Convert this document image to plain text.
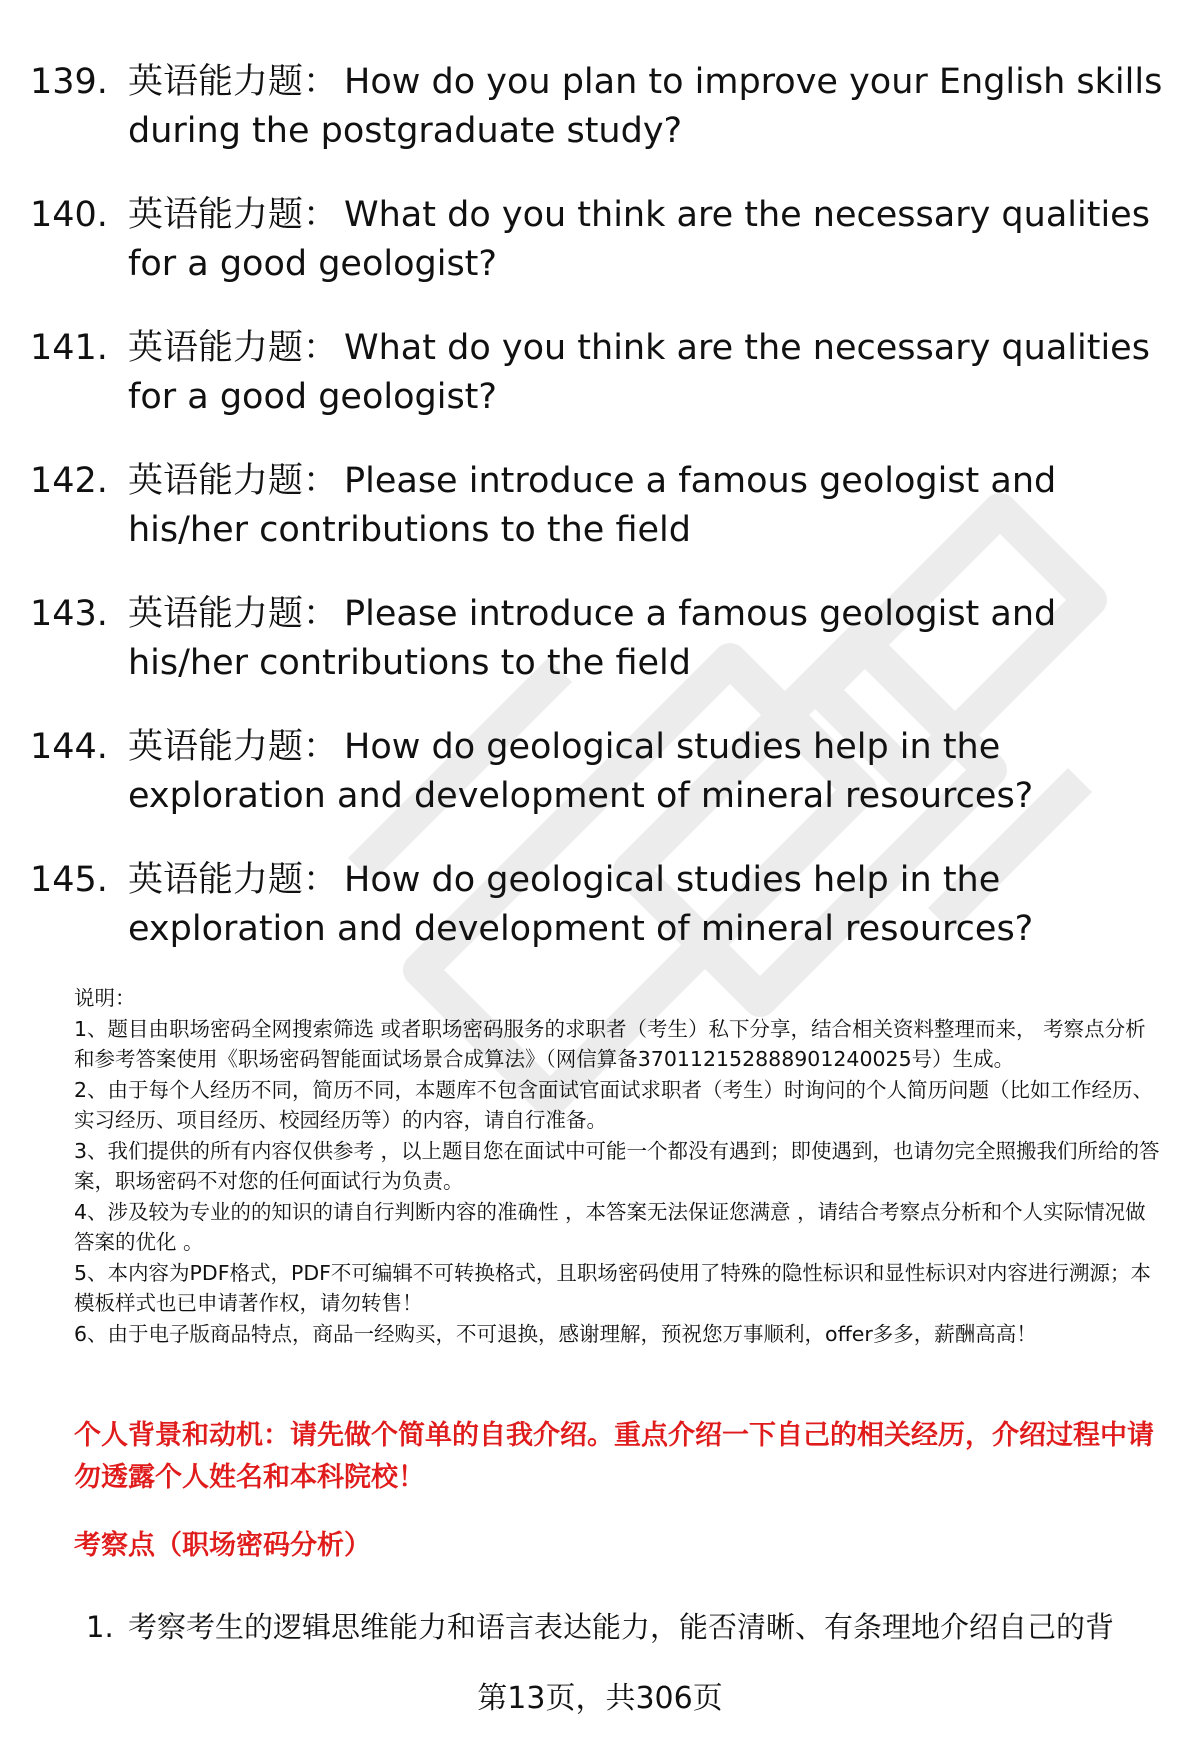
139. 英语能力题： How do you plan to improve your English skills during the postgraduate study?
140. 英语能力题： What do you think are the necessary qualities for a good geologist?
141. 英语能力题： What do you think are the necessary qualities for a good geologist?
142. 英语能力题： Please introduce a famous geologist and his/her contributions to the field
143. 英语能力题： Please introduce a famous geologist and his/her contributions to the field
144. 英语能力题： How do geological studies help in the exploration and development of mineral resources?
145. 英语能力题： How do geological studies help in the exploration and development of mineral resources?

说明：

1、题目由职场密码全网搜索筛选 或者职场密码服务的求职者（考生）私下分享，结合相关资料整理而来， 考察点分析和参考答案使用《职场密码智能面试场景合成算法》（网信算备370112152888901240025号）生成。

2、由于每个人经历不同，简历不同，本题库不包含面试官面试求职者（考生）时询问的个人简历问题（比如工作经历、实习经历、项目经历、校园经历等）的内容，请自行准备。

3、我们提供的所有内容仅供参考 ，以上题目您在面试中可能一个都没有遇到；即使遇到，也请勿完全照搬我们所给的答案，职场密码不对您的任何面试行为负责。

4、涉及较为专业的的知识的请自行判断内容的准确性 ，本答案无法保证您满意 ，请结合考察点分析和个人实际情况做答案的优化 。

5、本内容为PDF格式，PDF不可编辑不可转换格式，且职场密码使用了特殊的隐性标识和显性标识对内容进行溯源；本模板样式也已申请著作权，请勿转售！

6、由于电子版商品特点，商品一经购买，不可退换，感谢理解，预祝您万事顺利，offer多多，薪酬高高！

个人背景和动机：请先做个简单的自我介绍。重点介绍一下自己的相关经历，介绍过程中请勿透露个人姓名和本科院校！
考察点（职场密码分析）
1. 考察考生的逻辑思维能力和语言表达能力，能否清晰、有条理地介绍自己的背
第13页，共306页
